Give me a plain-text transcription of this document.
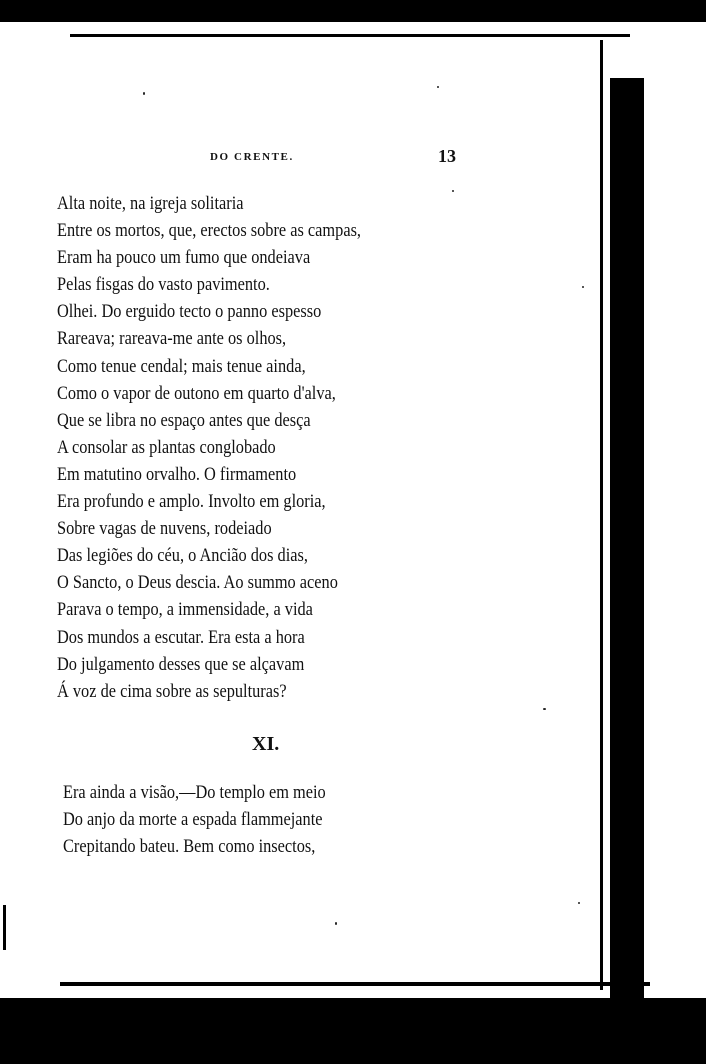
DO CRENTE.	13
Alta noite, na igreja solitaria
Entre os mortos, que, erectos sobre as campas,
Eram ha pouco um fumo que ondeiava
Pelas fisgas do vasto pavimento.
Olhei. Do erguido tecto o panno espesso
Rareava; rareava-me ante os olhos,
Como tenue cendal; mais tenue ainda,
Como o vapor de outono em quarto d'alva,
Que se libra no espaço antes que desça
A consolar as plantas conglobado
Em matutino orvalho. O firmamento
Era profundo e amplo. Involto em gloria,
Sobre vagas de nuvens, rodeiado
Das legiões do céu, o Ancião dos dias,
O Sancto, o Deus descia. Ao summo aceno
Parava o tempo, a immensidade, a vida
Dos mundos a escutar. Era esta a hora
Do julgamento desses que se alçavam
Á voz de cima sobre as sepulturas?
XI.
Era ainda a visão,—Do templo em meio
Do anjo da morte a espada flammejante
Crepitando bateu. Bem como insectos,
